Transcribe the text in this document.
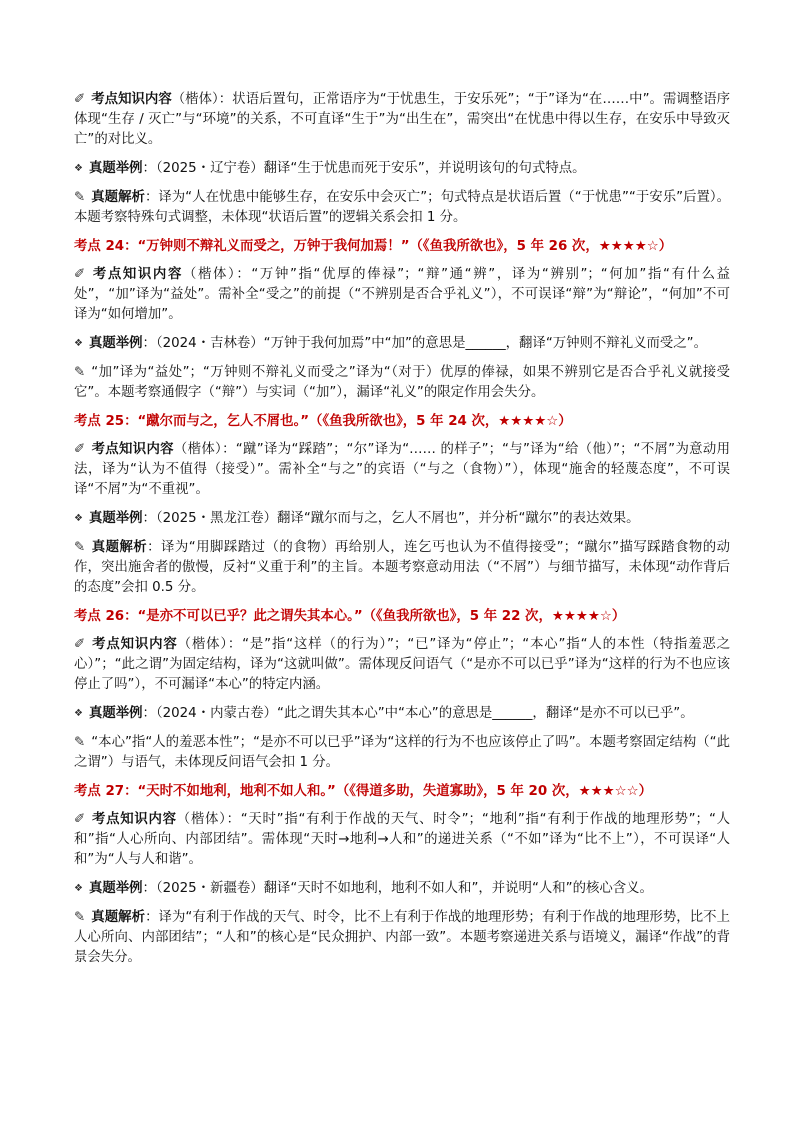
✐ 考点知识内容（楷体）：状语后置句，正常语序为“于忧患生，于安乐死”；“于”译为“在……中”。需调整语序体现“生存 / 灭亡”与“环境”的关系，不可直译“生于”为“出生在”，需突出“在忧患中得以生存，在安乐中导致灭亡”的对比义。

❖ 真题举例：（2025・辽宁卷）翻译“生于忧患而死于安乐”，并说明该句的句式特点。

✎ 真题解析：译为“人在忧患中能够生存，在安乐中会灭亡”；句式特点是状语后置（“于忧患”“于安乐”后置）。本题考察特殊句式调整，未体现“状语后置”的逻辑关系会扣 1 分。

考点 24：“万钟则不辩礼义而受之，万钟于我何加焉！”（《鱼我所欲也》，5 年 26 次，★★★★☆）

✐ 考点知识内容（楷体）：“万钟”指“优厚的俸禄”；“辩”通“辨”，译为“辨别”；“何加”指“有什么益处”，“加”译为“益处”。需补全“受之”的前提（“不辨别是否合乎礼义”），不可误译“辩”为“辩论”，“何加”不可译为“如何增加”。

❖ 真题举例：（2024・吉林卷）“万钟于我何加焉”中“加”的意思是______，翻译“万钟则不辩礼义而受之”。

✎ “加”译为“益处”；“万钟则不辩礼义而受之”译为“（对于）优厚的俸禄，如果不辨别它是否合乎礼义就接受它”。本题考察通假字（“辩”）与实词（“加”），漏译“礼义”的限定作用会失分。

考点 25：“蹴尔而与之，乞人不屑也。”（《鱼我所欲也》，5 年 24 次，★★★★☆）

✐ 考点知识内容（楷体）：“蹴”译为“踩踏”；“尔”译为“…… 的样子”；“与”译为“给（他）”；“不屑”为意动用法，译为“认为不值得（接受）”。需补全“与之”的宾语（“与之（食物）”），体现“施舍的轻蔑态度”，不可误译“不屑”为“不重视”。

❖ 真题举例：（2025・黑龙江卷）翻译“蹴尔而与之，乞人不屑也”，并分析“蹴尔”的表达效果。

✎ 真题解析：译为“用脚踩踏过（的食物）再给别人，连乞丐也认为不值得接受”；“蹴尔”描写踩踏食物的动作，突出施舍者的傲慢，反衬“义重于利”的主旨。本题考察意动用法（“不屑”）与细节描写，未体现“动作背后的态度”会扣 0.5 分。

考点 26：“是亦不可以已乎？此之谓失其本心。”（《鱼我所欲也》，5 年 22 次，★★★★☆）

✐ 考点知识内容（楷体）：“是”指“这样（的行为）”；“已”译为“停止”；“本心”指“人的本性（特指羞恶之心）”；“此之谓”为固定结构，译为“这就叫做”。需体现反问语气（“是亦不可以已乎”译为“这样的行为不也应该停止了吗”），不可漏译“本心”的特定内涵。

❖ 真题举例：（2024・内蒙古卷）“此之谓失其本心”中“本心”的意思是______，翻译“是亦不可以已乎”。

✎ “本心”指“人的羞恶本性”；“是亦不可以已乎”译为“这样的行为不也应该停止了吗”。本题考察固定结构（“此之谓”）与语气，未体现反问语气会扣 1 分。

考点 27：“天时不如地利，地利不如人和。”（《得道多助，失道寡助》，5 年 20 次，★★★☆☆）

✐ 考点知识内容（楷体）：“天时”指“有利于作战的天气、时令”；“地利”指“有利于作战的地理形势”；“人和”指“人心所向、内部团结”。需体现“天时→地利→人和”的递进关系（“不如”译为“比不上”），不可误译“人和”为“人与人和谐”。

❖ 真题举例：（2025・新疆卷）翻译“天时不如地利，地利不如人和”，并说明“人和”的核心含义。

✎ 真题解析：译为“有利于作战的天气、时令，比不上有利于作战的地理形势；有利于作战的地理形势，比不上人心所向、内部团结”；“人和”的核心是“民众拥护、内部一致”。本题考察递进关系与语境义，漏译“作战”的背景会失分。
